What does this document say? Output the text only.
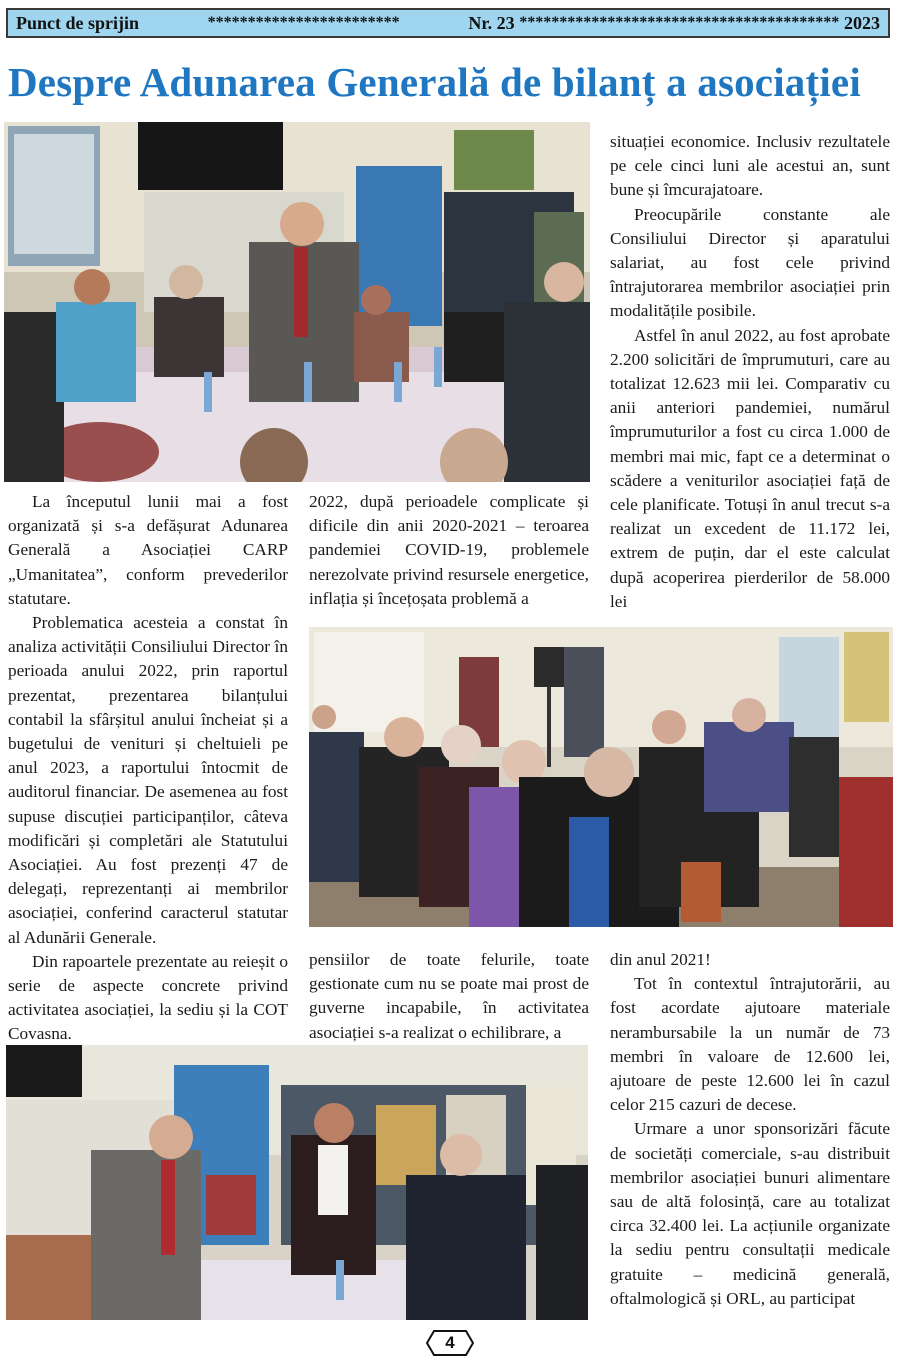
Punct de sprijin	************************	Nr. 23 **************************************** 2023
Despre Adunarea Generală de bilanț a asociației

La începutul lunii mai a fost organizată și s-a defășurat Adunarea Generală a Asociației CARP „Umanitatea”, conform prevederilor statutare.

Problematica acesteia a constat în analiza activității Consiliului Director în perioada anului 2022, prin raportul prezentat, prezentarea bilanțului contabil la sfârșitul anului încheiat și a bugetului de venituri și cheltuieli pe anul 2023, a raportului întocmit de auditorul financiar. De asemenea au fost supuse discuției participanților, câteva modificări și completări ale Statutului Asociației. Au fost prezenți 47 de delegați, reprezentanți ai membrilor asociației, conferind caracterul statutar al Adunării Generale.

Din rapoartele prezentate au reieșit o serie de aspecte concrete privind activitatea asociației, la sediu și la COT Covasna.

2022, după perioadele complicate și dificile din anii 2020-2021 – teroarea pandemiei COVID-19, problemele nerezolvate privind resursele energetice, inflația și încețoșata problemă a

situației economice. Inclusiv rezultatele pe cele cinci luni ale acestui an, sunt bune și îmcurajatoare.

Preocupările constante ale Consiliului Director și aparatului salariat, au fost cele privind întrajutorarea membrilor asociației prin modalitățile posibile.

Astfel în anul 2022, au fost aprobate 2.200 solicitări de împrumuturi, care au totalizat 12.623 mii lei. Comparativ cu anii anteriori pandemiei, numărul împrumuturilor a fost cu circa 1.000 de membri mai mic, fapt ce a determinat o scădere a veniturilor asociației față de cele planificate. Totuși în anul trecut s-a realizat un excedent de 11.172 lei, extrem de puțin, dar el este calculat după acoperirea pierderilor de 58.000 lei

pensiilor de toate felurile, toate gestionate cum nu se poate mai prost de guverne incapabile, în activitatea asociației s-a realizat o echilibrare, a

din anul 2021!

Tot în contextul întrajutorării, au fost acordate ajutoare materiale nerambursabile la un număr de 73 membri în valoare de 12.600 lei, ajutoare de peste 12.600 lei în cazul celor 215 cazuri de decese.

Urmare a unor sponsorizări făcute de societăți comerciale, s-au distribuit membrilor asociației bunuri alimentare sau de altă folosință, care au totalizat circa 32.400 lei. La acțiunile organizate la sediu pentru consultații medicale gratuite – medicină generală, oftalmologică și ORL, au participat

4
